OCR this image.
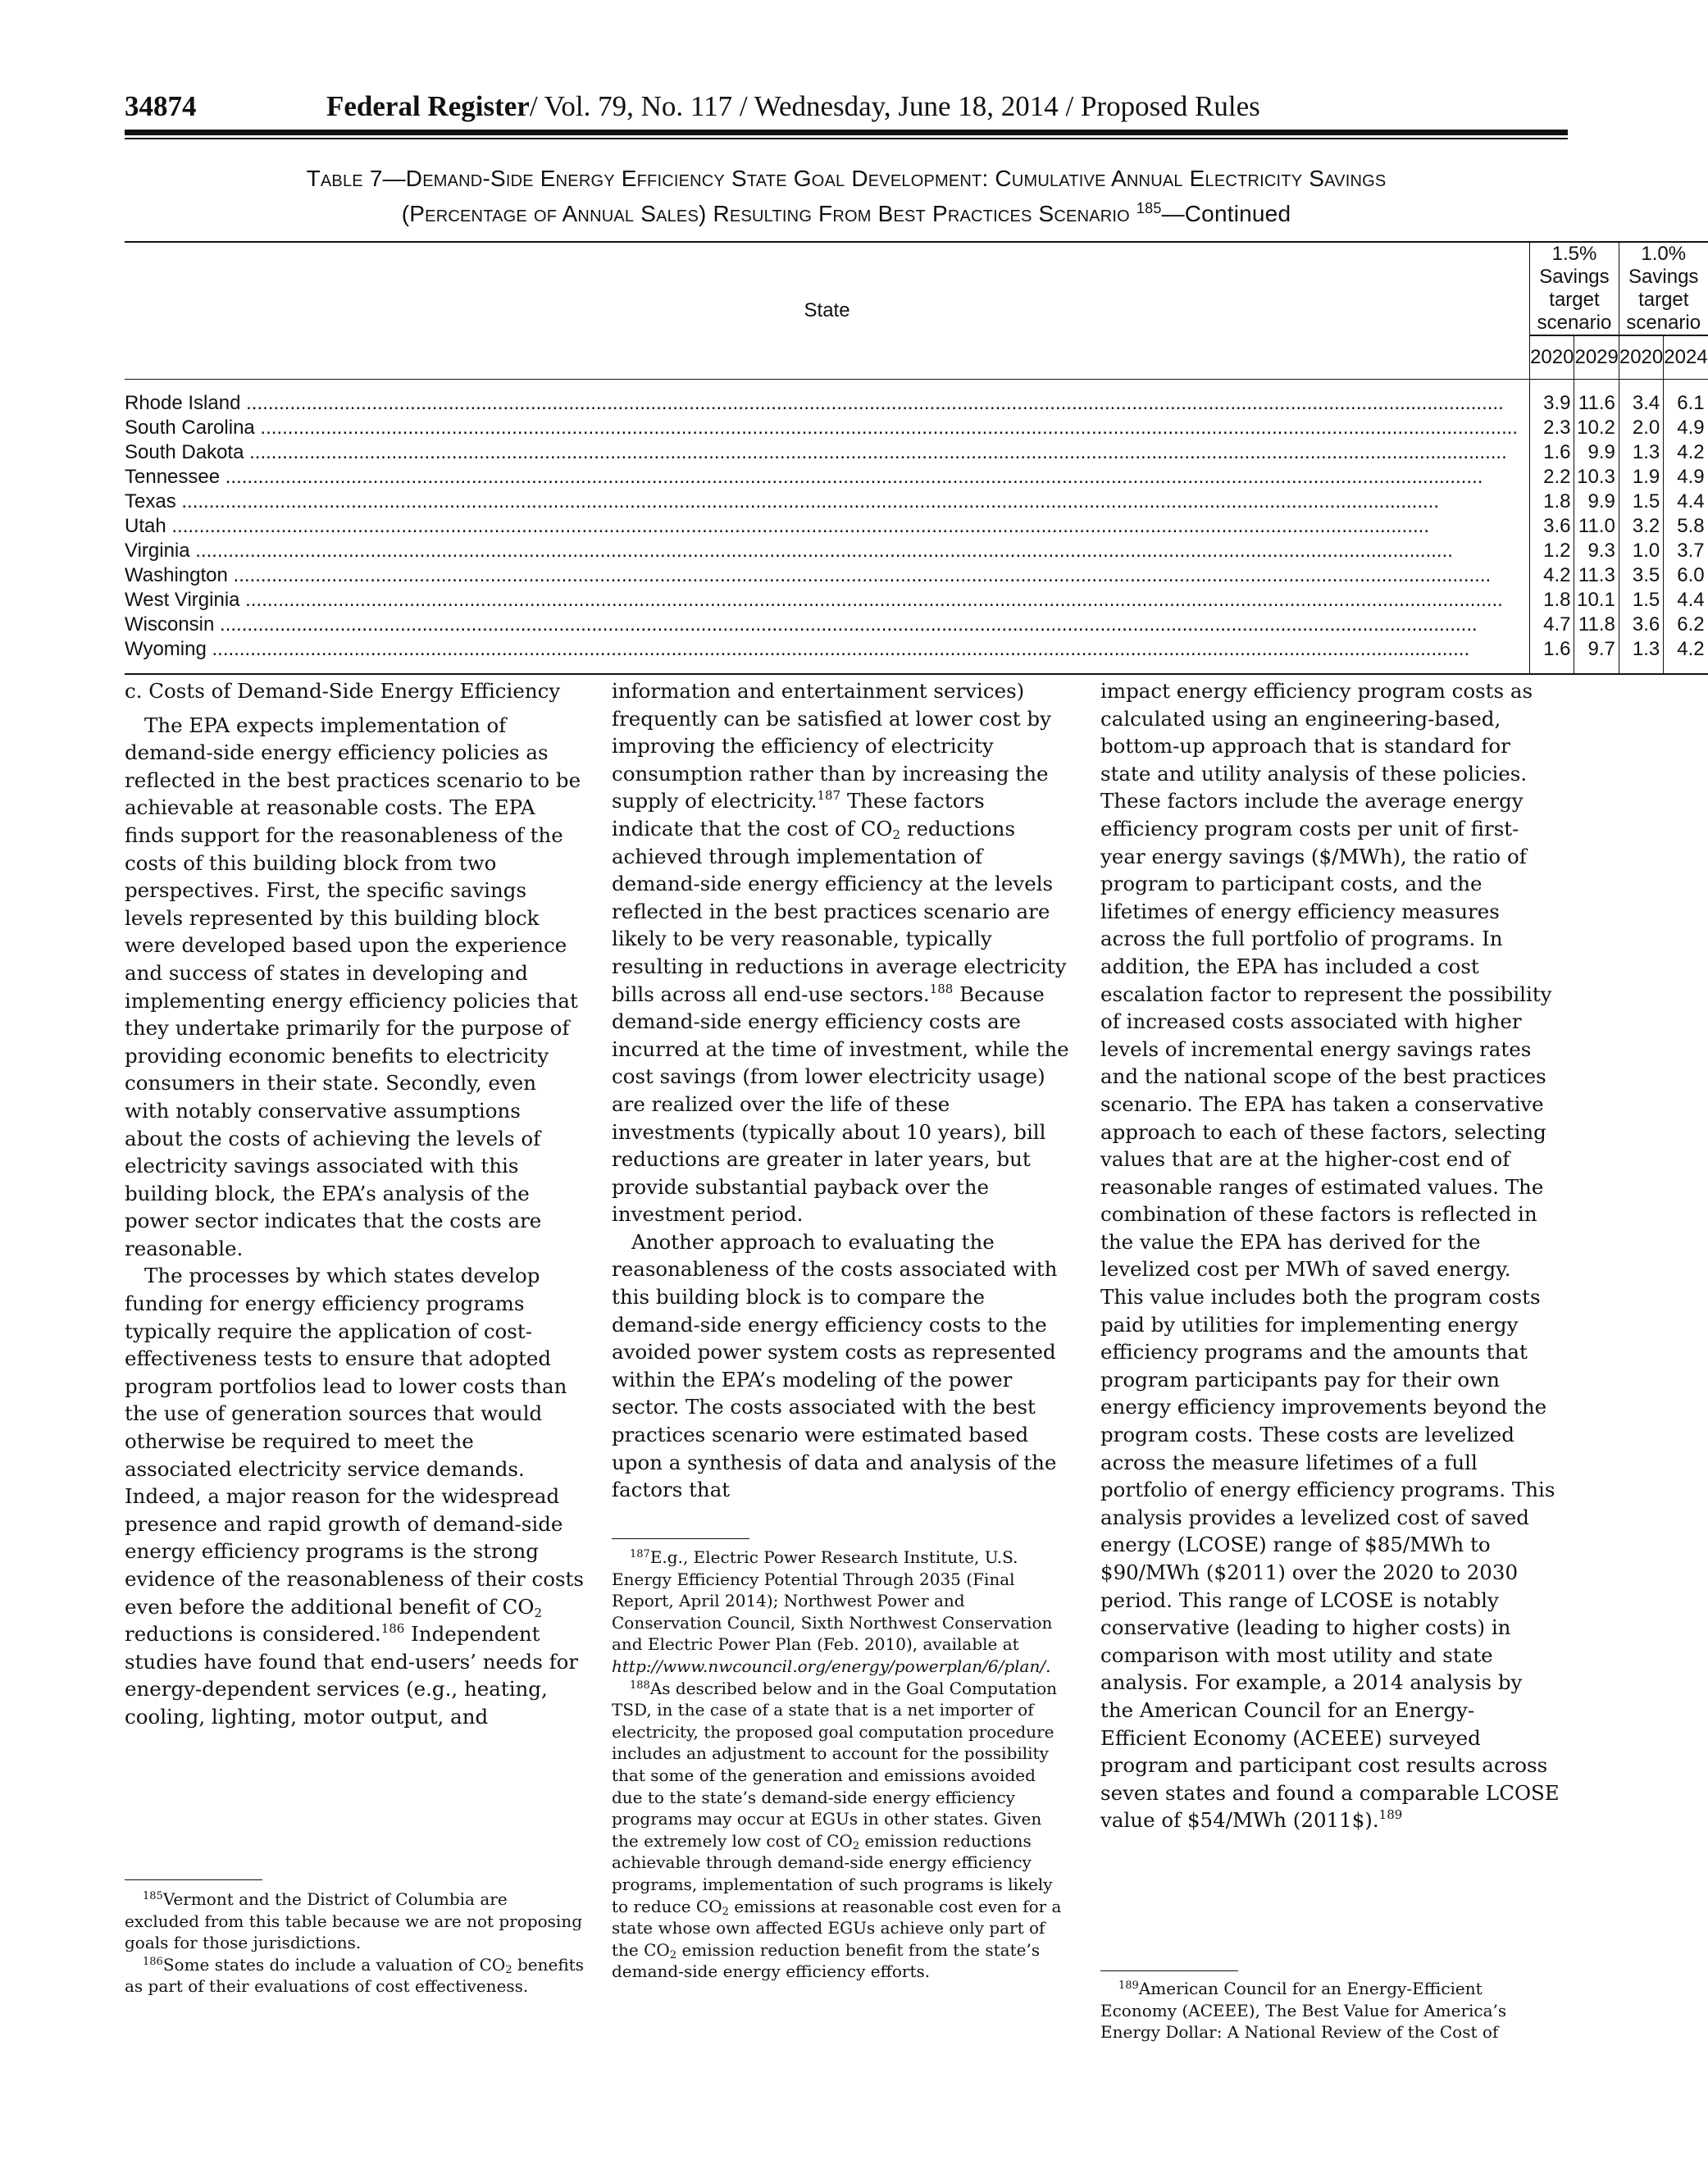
34874	Federal Register/ Vol. 79, No. 117 / Wednesday, June 18, 2014 / Proposed Rules
Table 7—Demand-Side Energy Efficiency State Goal Development: Cumulative Annual Electricity Savings
(Percentage of Annual Sales) Resulting From Best Practices Scenario $^{185}$—Continued
State	1.5% Savings target scenario		1.0% Savings target scenario	
	2020	2029	2020	2024

Rhode Island .....	3.9	11.6	3.4	6.1
South Carolina .....	2.3	10.2	2.0	4.9
South Dakota .....	1.6	9.9	1.3	4.2
Tennessee .....	2.2	10.3	1.9	4.9
Texas .....	1.8	9.9	1.5	4.4
Utah .....	3.6	11.0	3.2	5.8
Virginia .....	1.2	9.3	1.0	3.7
Washington .....	4.2	11.3	3.5	6.0
West Virginia .....	1.8	10.1	1.5	4.4
Wisconsin .....	4.7	11.8	3.6	6.2
Wyoming .....	1.6	9.7	1.3	4.2

c. Costs of Demand-Side Energy Efficiency

The EPA expects implementation of demand-side energy efficiency policies as reflected in the best practices scenario to be achievable at reasonable costs. The EPA finds support for the reasonableness of the costs of this building block from two perspectives. First, the specific savings levels represented by this building block were developed based upon the experience and success of states in developing and implementing energy efficiency policies that they undertake primarily for the purpose of providing economic benefits to electricity consumers in their state. Secondly, even with notably conservative assumptions about the costs of achieving the levels of electricity savings associated with this building block, the EPA’s analysis of the power sector indicates that the costs are reasonable.

The processes by which states develop funding for energy efficiency programs typically require the application of cost-effectiveness tests to ensure that adopted program portfolios lead to lower costs than the use of generation sources that would otherwise be required to meet the associated electricity service demands. Indeed, a major reason for the widespread presence and rapid growth of demand-side energy efficiency programs is the strong evidence of the reasonableness of their costs even before the additional benefit of $CO_2$ reductions is considered.$^{186}$ Independent studies have found that end-users’ needs for energy-dependent services (e.g., heating, cooling, lighting, motor output, and

$^{185}$Vermont and the District of Columbia are excluded from this table because we are not proposing goals for those jurisdictions.

$^{186}$Some states do include a valuation of $CO_2$ benefits as part of their evaluations of cost effectiveness.

information and entertainment services) frequently can be satisfied at lower cost by improving the efficiency of electricity consumption rather than by increasing the supply of electricity.$^{187}$ These factors indicate that the cost of $CO_2$ reductions achieved through implementation of demand-side energy efficiency at the levels reflected in the best practices scenario are likely to be very reasonable, typically resulting in reductions in average electricity bills across all end-use sectors.$^{188}$ Because demand-side energy efficiency costs are incurred at the time of investment, while the cost savings (from lower electricity usage) are realized over the life of these investments (typically about 10 years), bill reductions are greater in later years, but provide substantial payback over the investment period.

Another approach to evaluating the reasonableness of the costs associated with this building block is to compare the demand-side energy efficiency costs to the avoided power system costs as represented within the EPA’s modeling of the power sector. The costs associated with the best practices scenario were estimated based upon a synthesis of data and analysis of the factors that

$^{187}$E.g., Electric Power Research Institute, U.S. Energy Efficiency Potential Through 2035 (Final Report, April 2014); Northwest Power and Conservation Council, Sixth Northwest Conservation and Electric Power Plan (Feb. 2010), available at http://www.nwcouncil.org/energy/powerplan/6/plan/.

$^{188}$As described below and in the Goal Computation TSD, in the case of a state that is a net importer of electricity, the proposed goal computation procedure includes an adjustment to account for the possibility that some of the generation and emissions avoided due to the state’s demand-side energy efficiency programs may occur at EGUs in other states. Given the extremely low cost of $CO_2$ emission reductions achievable through demand-side energy efficiency programs, implementation of such programs is likely to reduce $CO_2$ emissions at reasonable cost even for a state whose own affected EGUs achieve only part of the $CO_2$ emission reduction benefit from the state’s demand-side energy efficiency efforts.

impact energy efficiency program costs as calculated using an engineering-based, bottom-up approach that is standard for state and utility analysis of these policies. These factors include the average energy efficiency program costs per unit of first-year energy savings ($/MWh), the ratio of program to participant costs, and the lifetimes of energy efficiency measures across the full portfolio of programs. In addition, the EPA has included a cost escalation factor to represent the possibility of increased costs associated with higher levels of incremental energy savings rates and the national scope of the best practices scenario. The EPA has taken a conservative approach to each of these factors, selecting values that are at the higher-cost end of reasonable ranges of estimated values. The combination of these factors is reflected in the value the EPA has derived for the levelized cost per MWh of saved energy. This value includes both the program costs paid by utilities for implementing energy efficiency programs and the amounts that program participants pay for their own energy efficiency improvements beyond the program costs. These costs are levelized across the measure lifetimes of a full portfolio of energy efficiency programs. This analysis provides a levelized cost of saved energy (LCOSE) range of $85/MWh to $90/MWh ($2011) over the 2020 to 2030 period. This range of LCOSE is notably conservative (leading to higher costs) in comparison with most utility and state analysis. For example, a 2014 analysis by the American Council for an Energy-Efficient Economy (ACEEE) surveyed program and participant cost results across seven states and found a comparable LCOSE value of $54/MWh (2011$).$^{189}$

$^{189}$American Council for an Energy-Efficient Economy (ACEEE), The Best Value for America’s Energy Dollar: A National Review of the Cost of
